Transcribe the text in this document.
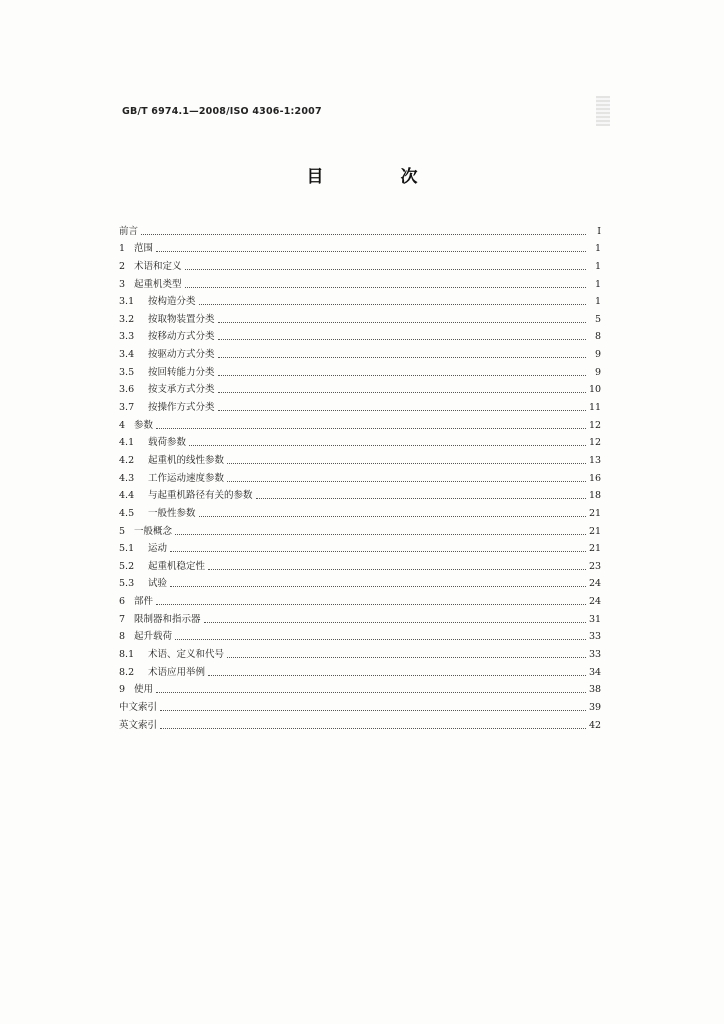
GB/T 6974.1—2008/ISO 4306-1:2007
目　次
前言	Ⅰ
1 范围	1
2 术语和定义	1
3 起重机类型	1
3.1	按构造分类	1
3.2	按取物装置分类	5
3.3	按移动方式分类	8
3.4	按驱动方式分类	9
3.5	按回转能力分类	9
3.6	按支承方式分类	10
3.7	按操作方式分类	11
4 参数	12
4.1	载荷参数	12
4.2	起重机的线性参数	13
4.3	工作运动速度参数	16
4.4	与起重机路径有关的参数	18
4.5	一般性参数	21
5 一般概念	21
5.1	运动	21
5.2	起重机稳定性	23
5.3	试验	24
6 部件	24
7 限制器和指示器	31
8 起升载荷	33
8.1	术语、定义和代号	33
8.2	术语应用举例	34
9 使用	38
中文索引	39
英文索引	42
